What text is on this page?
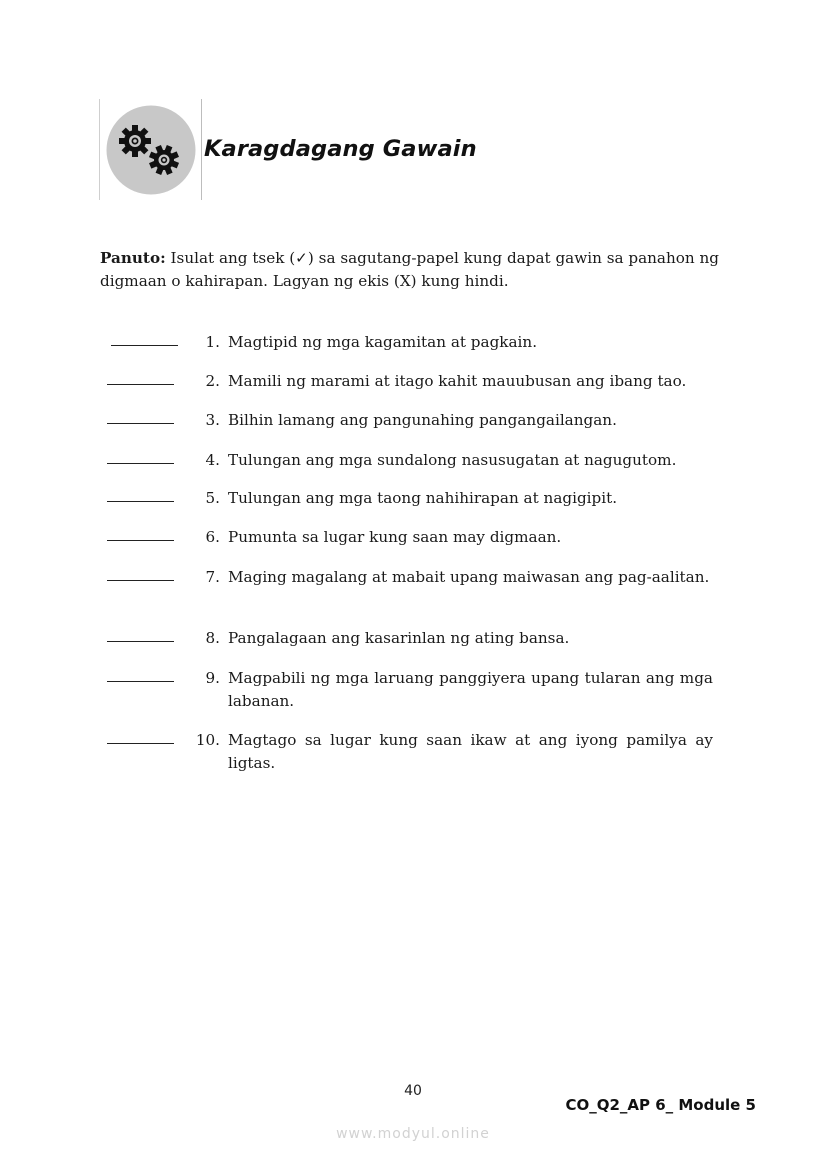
Karagdagang Gawain
Panuto: Isulat ang tsek (✓) sa sagutang-papel kung dapat gawin sa panahon ng digmaan o kahirapan. Lagyan ng ekis (X) kung hindi.
1. Magtipid ng mga kagamitan at pagkain.
2. Mamili ng marami at itago kahit mauubusan ang ibang tao.
3. Bilhin lamang ang pangunahing pangangailangan.
4. Tulungan ang mga sundalong nasusugatan at nagugutom.
5. Tulungan ang mga taong nahihirapan at nagigipit.
6. Pumunta sa lugar kung saan may digmaan.
7. Maging magalang at mabait upang maiwasan ang pag-aalitan.
8. Pangalagaan ang kasarinlan ng ating bansa.
9. Magpabili ng mga laruang panggiyera upang tularan ang mga labanan.
10. Magtago sa lugar kung saan ikaw at ang iyong pamilya ay ligtas.
40
CO_Q2_AP 6_ Module 5
www.modyul.online
